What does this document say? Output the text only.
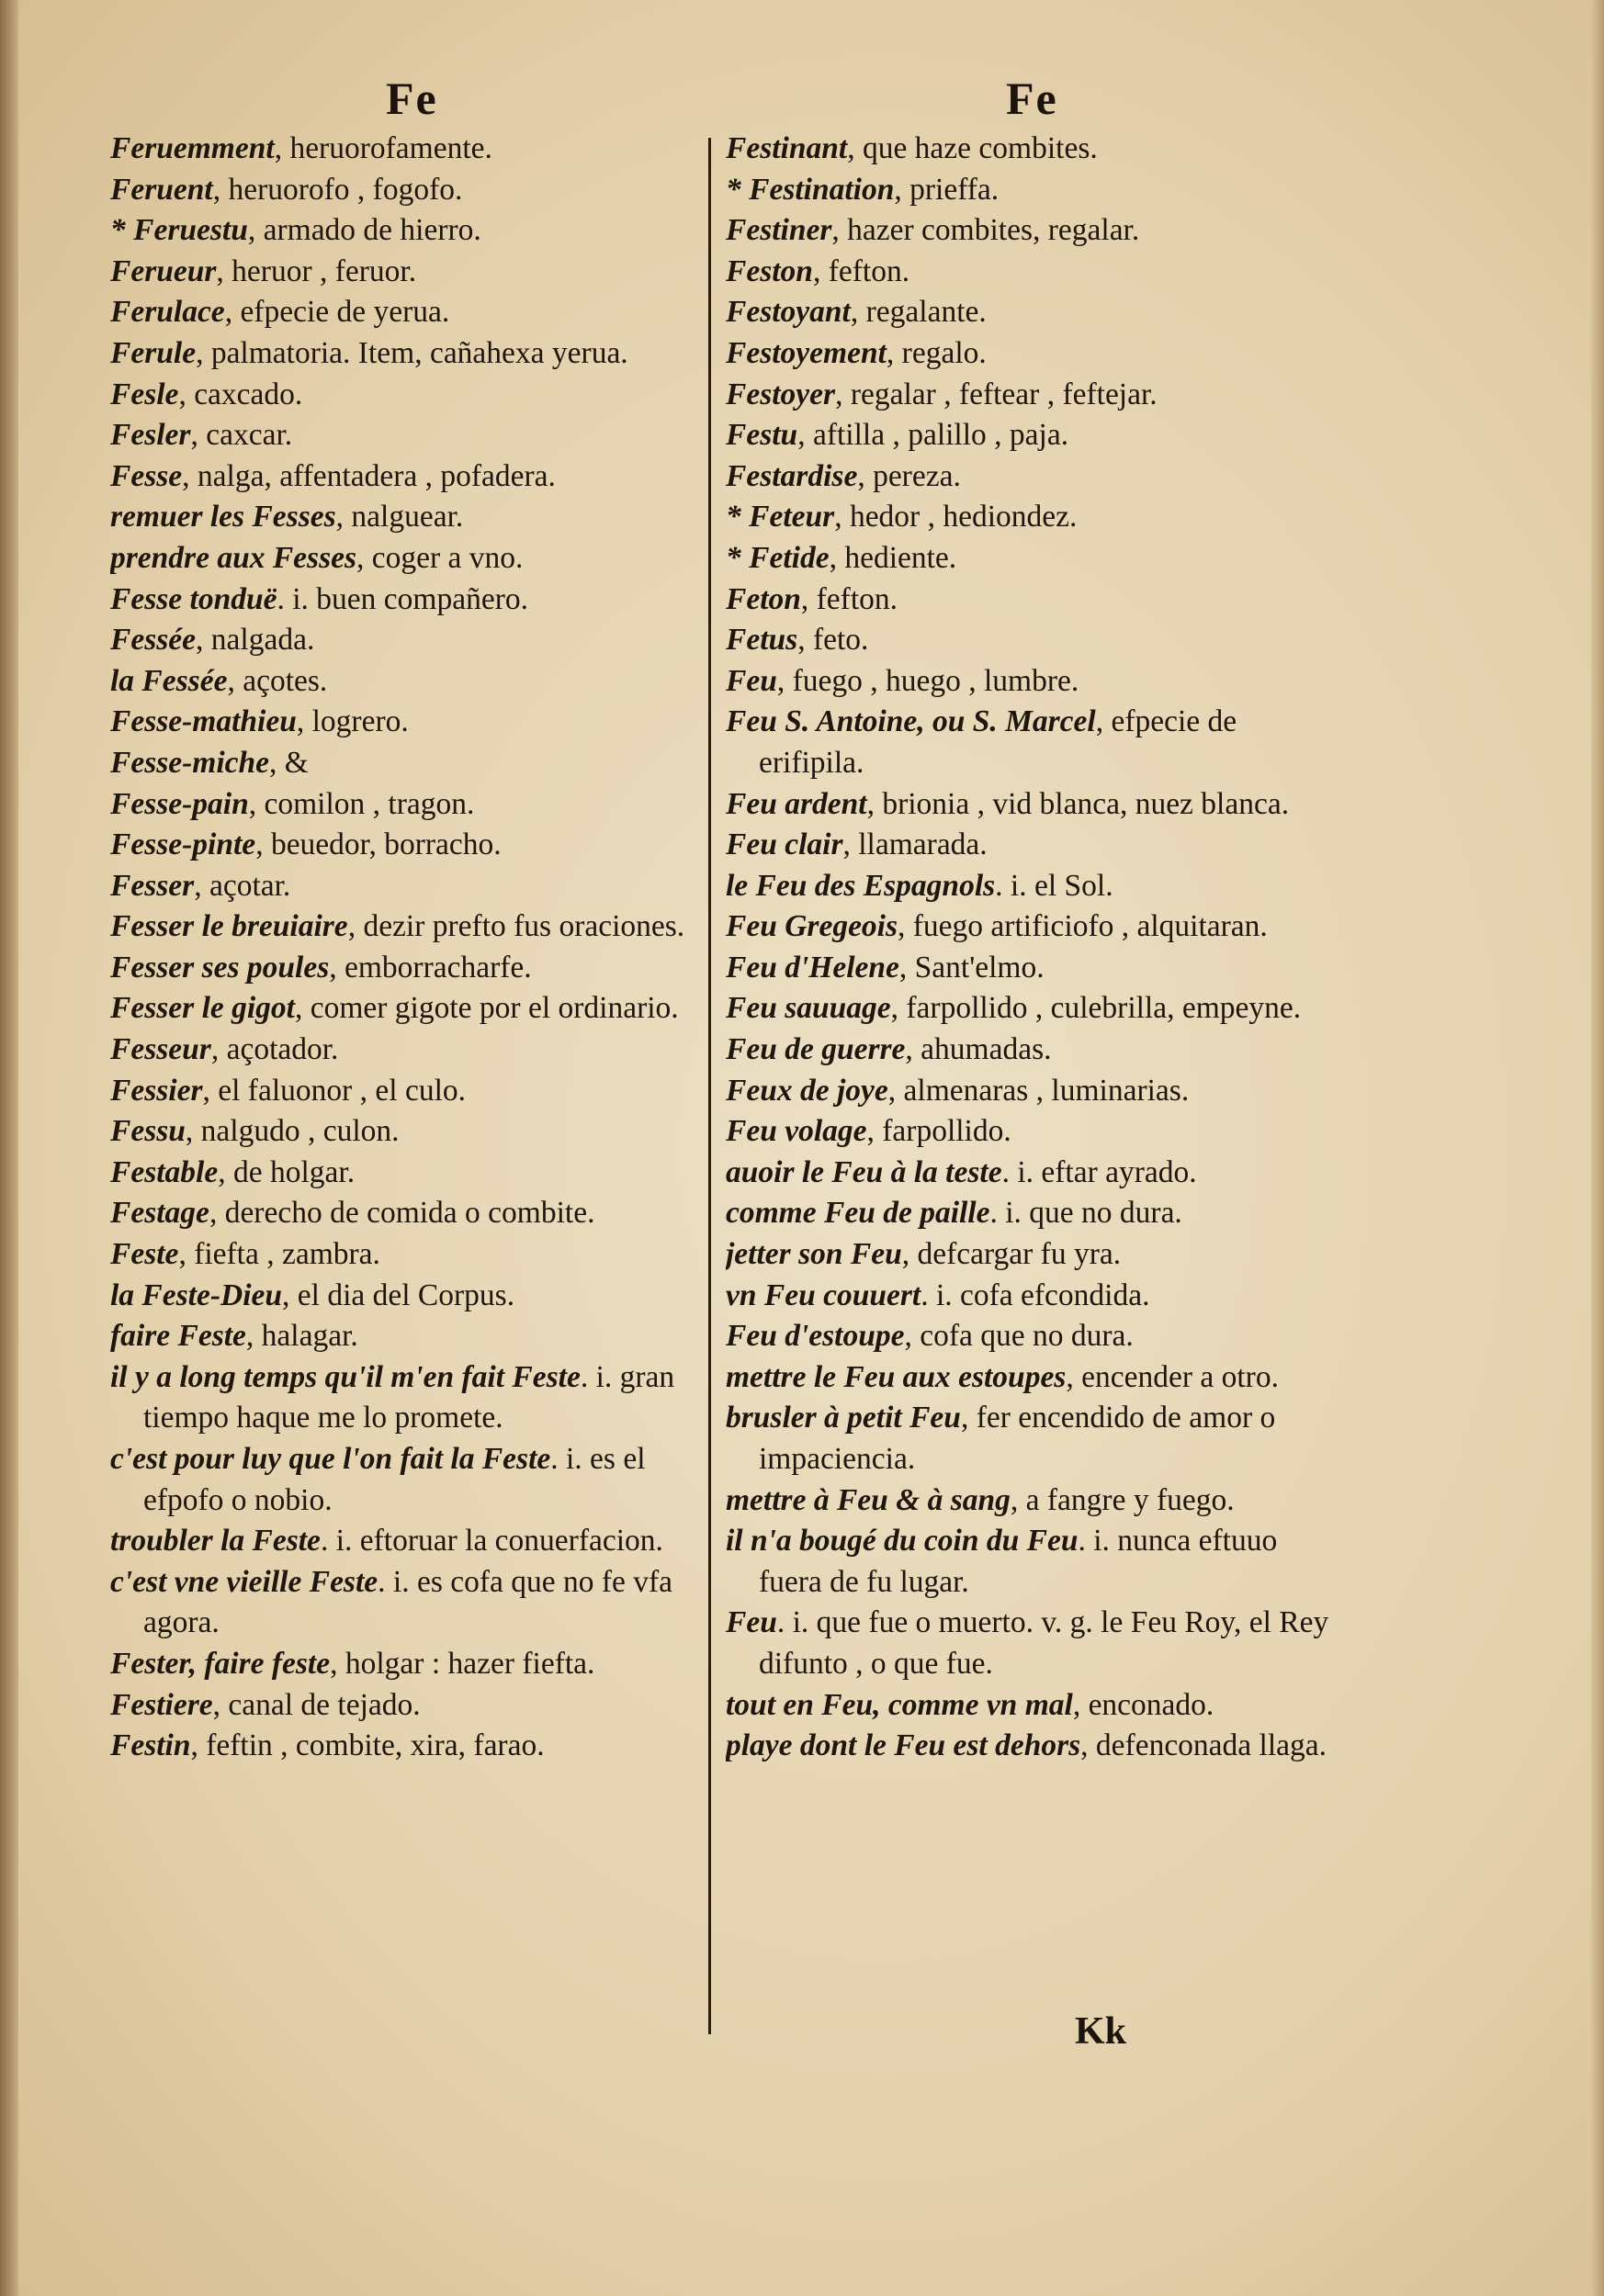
Fe	Fe
Feruemment, heruorofamente.
Feruent, heruorofo , fogofo.
* Feruestu, armado de hierro.
Feruеur, heruor , feruor.
Ferulace, efpecie de yerua.
Ferule, palmatoria. Item, cañahexa yerua.
Fesle, caxcado.
Fesler, caxcar.
Fesse, nalga, affentadera , pofadera.
remuer les Fesses, nalguear.
prendre aux Fesses, coger a vno.
Fesse tonduë. i. buen compañero.
Fessée, nalgada.
la Fessée, açotes.
Fesse-mathieu, logrero.
Fesse-miche, &
Fesse-pain, comilon , tragon.
Fesse-pinte, beuedor, borracho.
Fesser, açotar.
Fesser le breuiaire, dezir prefto fus oraciones.
Fesser ses poules, emborracharfe.
Fesser le gigot, comer gigote por el ordinario.
Fesseur, açotador.
Fessier, el faluonor , el culo.
Fessu, nalgudo , culon.
Festable, de holgar.
Festage, derecho de comida o combite.
Feste, fiefta , zambra.
la Feste-Dieu, el dia del Corpus.
faire Feste, halagar.
il y a long temps qu'il m'en fait Feste. i. gran tiempo haque me lo promete.
c'est pour luy que l'on fait la Feste. i. es el efpofo o nobio.
troubler la Feste. i. eftoruar la conuerfacion.
c'est vne vieille Feste. i. es cofa que no fe vfa agora.
Fester, faire feste, holgar : hazer fiefta.
Festiere, canal de tejado.
Festin, feftin , combite, xira, farao.
Festinant, que haze combites.
* Festination, prieffa.
Festiner, hazer combites, regalar.
Feston, fefton.
Festoyant, regalante.
Festoyement, regalo.
Festoyer, regalar , feftear , feftejar.
Festu, aftilla , palillo , paja.
Festardise, pereza.
* Feteur, hedor , hediondez.
* Fetide, hediente.
Feton, fefton.
Fetus, feto.
Feu, fuego , huego , lumbre.
Feu S. Antoine, ou S. Marcel, efpecie de erifipila.
Feu ardent, brionia , vid blanca, nuez blanca.
Feu clair, llamarada.
le Feu des Espagnols. i. el Sol.
Feu Gregeois, fuego artificiofo , alquitaran.
Feu d'Helene, Sant'elmo.
Feu sauuage, farpollido , culebrilla, empeyne.
Feu de guerre, ahumadas.
Feux de joye, almenaras , luminarias.
Feu volage, farpollido.
auoir le Feu à la teste. i. eftar ayrado.
comme Feu de paille. i. que no dura.
jetter son Feu, defcargar fu yra.
vn Feu couuert. i. cofa efcondida.
Feu d'estoupe, cofa que no dura.
mettre le Feu aux estoupes, encender a otro.
brusler à petit Feu, fer encendido de amor o impaciencia.
mettre à Feu & à sang, a fangre y fuego.
il n'a bougé du coin du Feu. i. nunca eftuuo fuera de fu lugar.
Feu. i. que fue o muerto. v. g. le Feu Roy, el Rey difunto , o que fue.
tout en Feu, comme vn mal, enconado.
playe dont le Feu est dehors, defenconada llaga.
Kk
